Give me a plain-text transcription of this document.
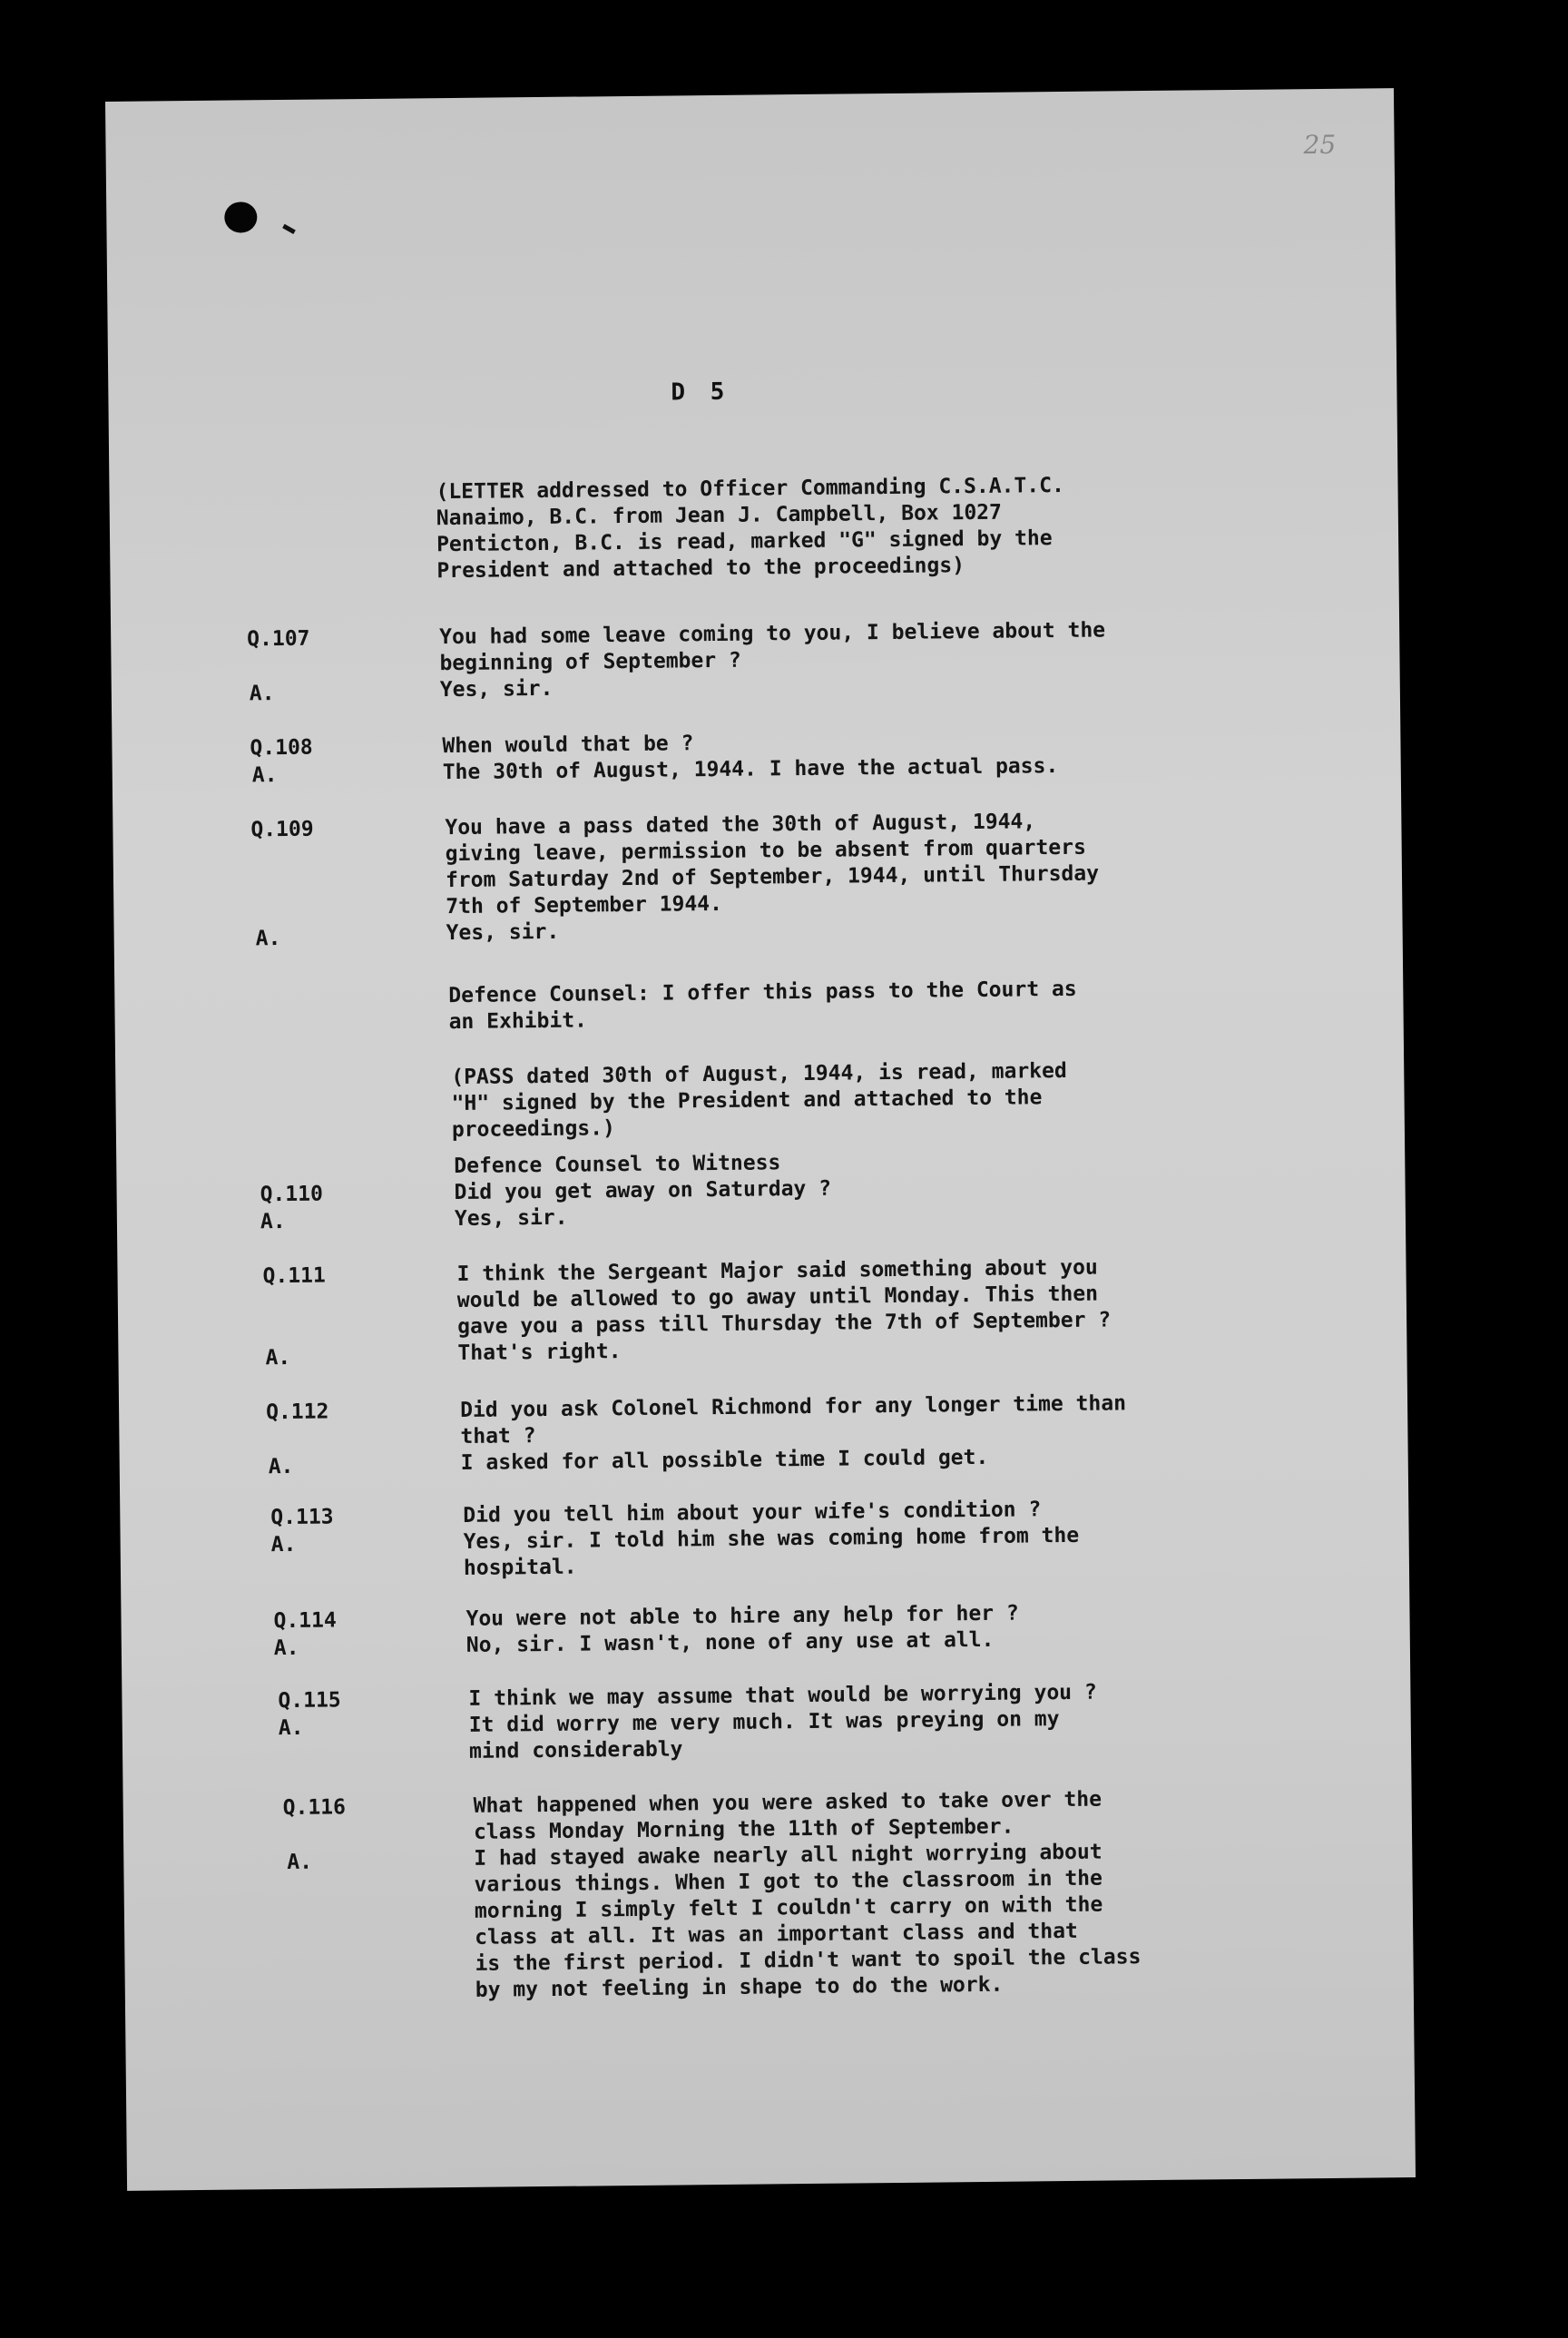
25
D 5
(LETTER addressed to Officer Commanding C.S.A.T.C.
Nanaimo, B.C. from Jean J. Campbell, Box 1027
Penticton, B.C. is read, marked "G" signed by the
President and attached to the proceedings)
Q.107
A.
You had some leave coming to you, I believe about the
beginning of September ?
Yes, sir.
Q.108
A.
When would that be ?
The 30th of August, 1944. I have the actual pass.
Q.109
A.
You have a pass dated the 30th of August, 1944,
giving leave, permission to be absent from quarters
from Saturday 2nd of September, 1944, until Thursday
7th of September 1944.
Yes, sir.
Defence Counsel: I offer this pass to the Court as
an Exhibit.
(PASS dated 30th of August, 1944, is read, marked
"H" signed by the President and attached to the
proceedings.)
Q.110
A.
Defence Counsel to Witness
Did you get away on Saturday ?
Yes, sir.
Q.111
A.
I think the Sergeant Major said something about you
would be allowed to go away until Monday. This then
gave you a pass till Thursday the 7th of September ?
That's right.
Q.112
A.
Did you ask Colonel Richmond for any longer time than
that ?
I asked for all possible time I could get.
Q.113
A.
Did you tell him about your wife's condition ?
Yes, sir. I told him she was coming home from the
hospital.
Q.114
A.
You were not able to hire any help for her ?
No, sir. I wasn't, none of any use at all.
Q.115
A.
I think we may assume that would be worrying you ?
It did worry me very much. It was preying on my
mind considerably
Q.116
A.
What happened when you were asked to take over the
class Monday Morning the 11th of September.
I had stayed awake nearly all night worrying about
various things. When I got to the classroom in the
morning I simply felt I couldn't carry on with the
class at all. It was an important class and that
is the first period. I didn't want to spoil the class
by my not feeling in shape to do the work.
